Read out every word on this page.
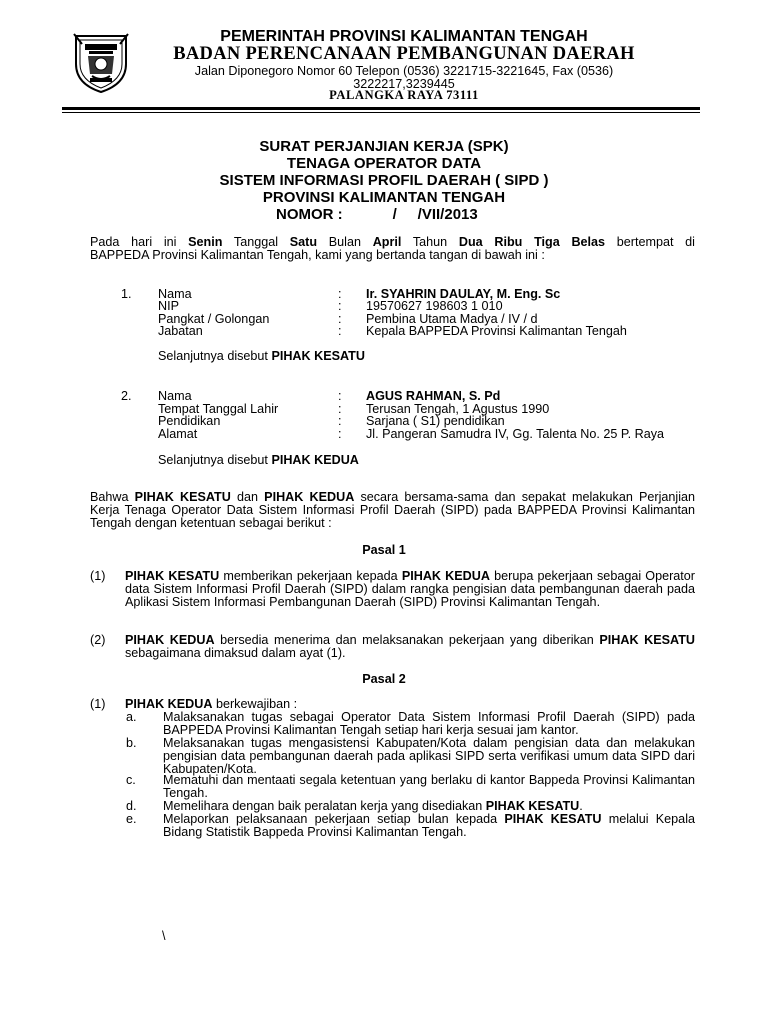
PEMERINTAH PROVINSI KALIMANTAN TENGAH
BADAN PERENCANAAN PEMBANGUNAN DAERAH
Jalan Diponegoro Nomor 60 Telepon (0536) 3221715-3221645, Fax (0536)
3222217,3239445
PALANGKA RAYA 73111
SURAT PERJANJIAN KERJA (SPK)
TENAGA OPERATOR DATA
SISTEM INFORMASI PROFIL DAERAH ( SIPD )
PROVINSI KALIMANTAN TENGAH
NOMOR :            /     /VII/2013
Pada hari ini Senin Tanggal Satu Bulan April Tahun Dua Ribu Tiga Belas bertempat di
BAPPEDA Provinsi Kalimantan Tengah, kami yang bertanda tangan di bawah ini :
1. Nama
NIP
Pangkat / Golongan
Jabatan
:
:
:
:
Ir. SYAHRIN DAULAY, M. Eng. Sc
19570627 198603 1 010
Pembina Utama Madya / IV / d
Kepala BAPPEDA Provinsi Kalimantan Tengah
Selanjutnya disebut PIHAK KESATU
2. Nama
Tempat Tanggal Lahir
Pendidikan
Alamat
:
:
:
:
AGUS RAHMAN, S. Pd
Terusan Tengah, 1 Agustus 1990
Sarjana ( S1) pendidikan
Jl. Pangeran Samudra IV, Gg. Talenta No. 25 P. Raya
Selanjutnya disebut PIHAK KEDUA
Bahwa PIHAK KESATU dan PIHAK KEDUA secara bersama-sama dan sepakat melakukan Perjanjian Kerja Tenaga Operator Data Sistem Informasi Profil Daerah (SIPD) pada BAPPEDA Provinsi Kalimantan Tengah dengan ketentuan sebagai berikut :
Pasal 1
(1) PIHAK KESATU memberikan pekerjaan kepada PIHAK KEDUA berupa pekerjaan sebagai Operator data Sistem Informasi Profil Daerah (SIPD) dalam rangka pengisian data pembangunan daerah pada Aplikasi Sistem Informasi Pembangunan Daerah (SIPD) Provinsi Kalimantan Tengah.
(2) PIHAK KEDUA bersedia menerima dan melaksanakan pekerjaan yang diberikan PIHAK KESATU sebagaimana dimaksud dalam ayat (1).
Pasal 2
(1) PIHAK KEDUA berkewajiban :
a. Malaksanakan tugas sebagai Operator Data Sistem Informasi Profil Daerah (SIPD) pada BAPPEDA Provinsi Kalimantan Tengah setiap hari kerja sesuai jam kantor.
b. Melaksanakan tugas mengasistensi Kabupaten/Kota dalam pengisian data dan melakukan pengisian data pembangunan daerah pada aplikasi SIPD serta verifikasi umum data SIPD dari Kabupaten/Kota.
c. Mematuhi dan mentaati segala ketentuan yang berlaku di kantor Bappeda Provinsi Kalimantan Tengah.
d. Memelihara dengan baik peralatan kerja yang disediakan PIHAK KESATU.
e. Melaporkan pelaksanaan pekerjaan setiap bulan kepada PIHAK KESATU melalui Kepala Bidang Statistik Bappeda Provinsi Kalimantan Tengah.
\
